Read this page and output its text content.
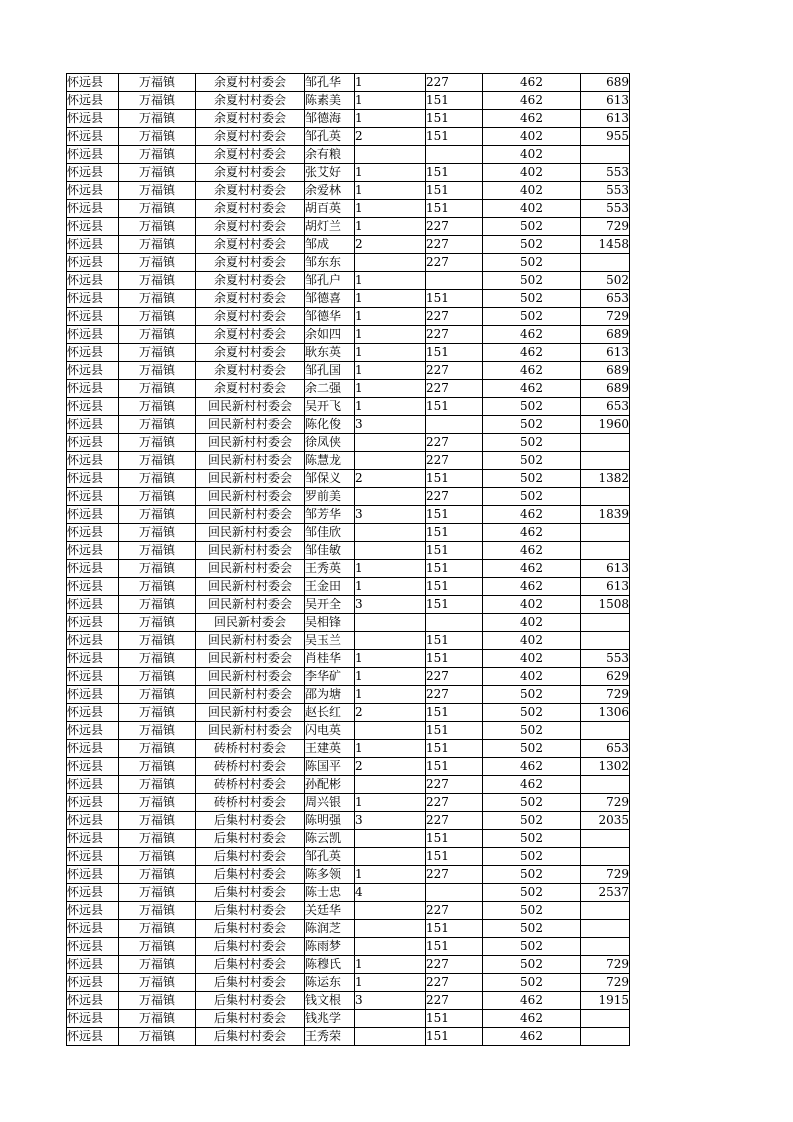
怀远县	万福镇	余夏村村委会	邹孔华	1	227	462	689
怀远县	万福镇	余夏村村委会	陈素美	1	151	462	613
怀远县	万福镇	余夏村村委会	邹德海	1	151	462	613
怀远县	万福镇	余夏村村委会	邹孔英	2	151	402	955
怀远县	万福镇	余夏村村委会	余有粮			402	
怀远县	万福镇	余夏村村委会	张艾好	1	151	402	553
怀远县	万福镇	余夏村村委会	余爱林	1	151	402	553
怀远县	万福镇	余夏村村委会	胡百英	1	151	402	553
怀远县	万福镇	余夏村村委会	胡灯兰	1	227	502	729
怀远县	万福镇	余夏村村委会	邹成	2	227	502	1458
怀远县	万福镇	余夏村村委会	邹东东		227	502	
怀远县	万福镇	余夏村村委会	邹孔户	1		502	502
怀远县	万福镇	余夏村村委会	邹德喜	1	151	502	653
怀远县	万福镇	余夏村村委会	邹德华	1	227	502	729
怀远县	万福镇	余夏村村委会	余如四	1	227	462	689
怀远县	万福镇	余夏村村委会	耿东英	1	151	462	613
怀远县	万福镇	余夏村村委会	邹孔国	1	227	462	689
怀远县	万福镇	余夏村村委会	余二强	1	227	462	689
怀远县	万福镇	回民新村村委会	吴开飞	1	151	502	653
怀远县	万福镇	回民新村村委会	陈化俊	3		502	1960
怀远县	万福镇	回民新村村委会	徐凤侠		227	502	
怀远县	万福镇	回民新村村委会	陈慧龙		227	502	
怀远县	万福镇	回民新村村委会	邹保义	2	151	502	1382
怀远县	万福镇	回民新村村委会	罗前美		227	502	
怀远县	万福镇	回民新村村委会	邹芳华	3	151	462	1839
怀远县	万福镇	回民新村村委会	邹佳欣		151	462	
怀远县	万福镇	回民新村村委会	邹佳敏		151	462	
怀远县	万福镇	回民新村村委会	王秀英	1	151	462	613
怀远县	万福镇	回民新村村委会	王金田	1	151	462	613
怀远县	万福镇	回民新村村委会	吴开全	3	151	402	1508
怀远县	万福镇	回民新村委会	吴相锋			402	
怀远县	万福镇	回民新村村委会	吴玉兰		151	402	
怀远县	万福镇	回民新村村委会	肖桂华	1	151	402	553
怀远县	万福镇	回民新村村委会	李华矿	1	227	402	629
怀远县	万福镇	回民新村村委会	邵为塘	1	227	502	729
怀远县	万福镇	回民新村村委会	赵长红	2	151	502	1306
怀远县	万福镇	回民新村村委会	闪电英		151	502	
怀远县	万福镇	砖桥村村委会	王建英	1	151	502	653
怀远县	万福镇	砖桥村村委会	陈国平	2	151	462	1302
怀远县	万福镇	砖桥村村委会	孙配彬		227	462	
怀远县	万福镇	砖桥村村委会	周兴银	1	227	502	729
怀远县	万福镇	后集村村委会	陈明强	3	227	502	2035
怀远县	万福镇	后集村村委会	陈云凯		151	502	
怀远县	万福镇	后集村村委会	邹孔英		151	502	
怀远县	万福镇	后集村村委会	陈多领	1	227	502	729
怀远县	万福镇	后集村村委会	陈士忠	4		502	2537
怀远县	万福镇	后集村村委会	关廷华		227	502	
怀远县	万福镇	后集村村委会	陈润芝		151	502	
怀远县	万福镇	后集村村委会	陈雨梦		151	502	
怀远县	万福镇	后集村村委会	陈穆氏	1	227	502	729
怀远县	万福镇	后集村村委会	陈运东	1	227	502	729
怀远县	万福镇	后集村村委会	钱文根	3	227	462	1915
怀远县	万福镇	后集村村委会	钱兆学		151	462	
怀远县	万福镇	后集村村委会	王秀荣		151	462	
